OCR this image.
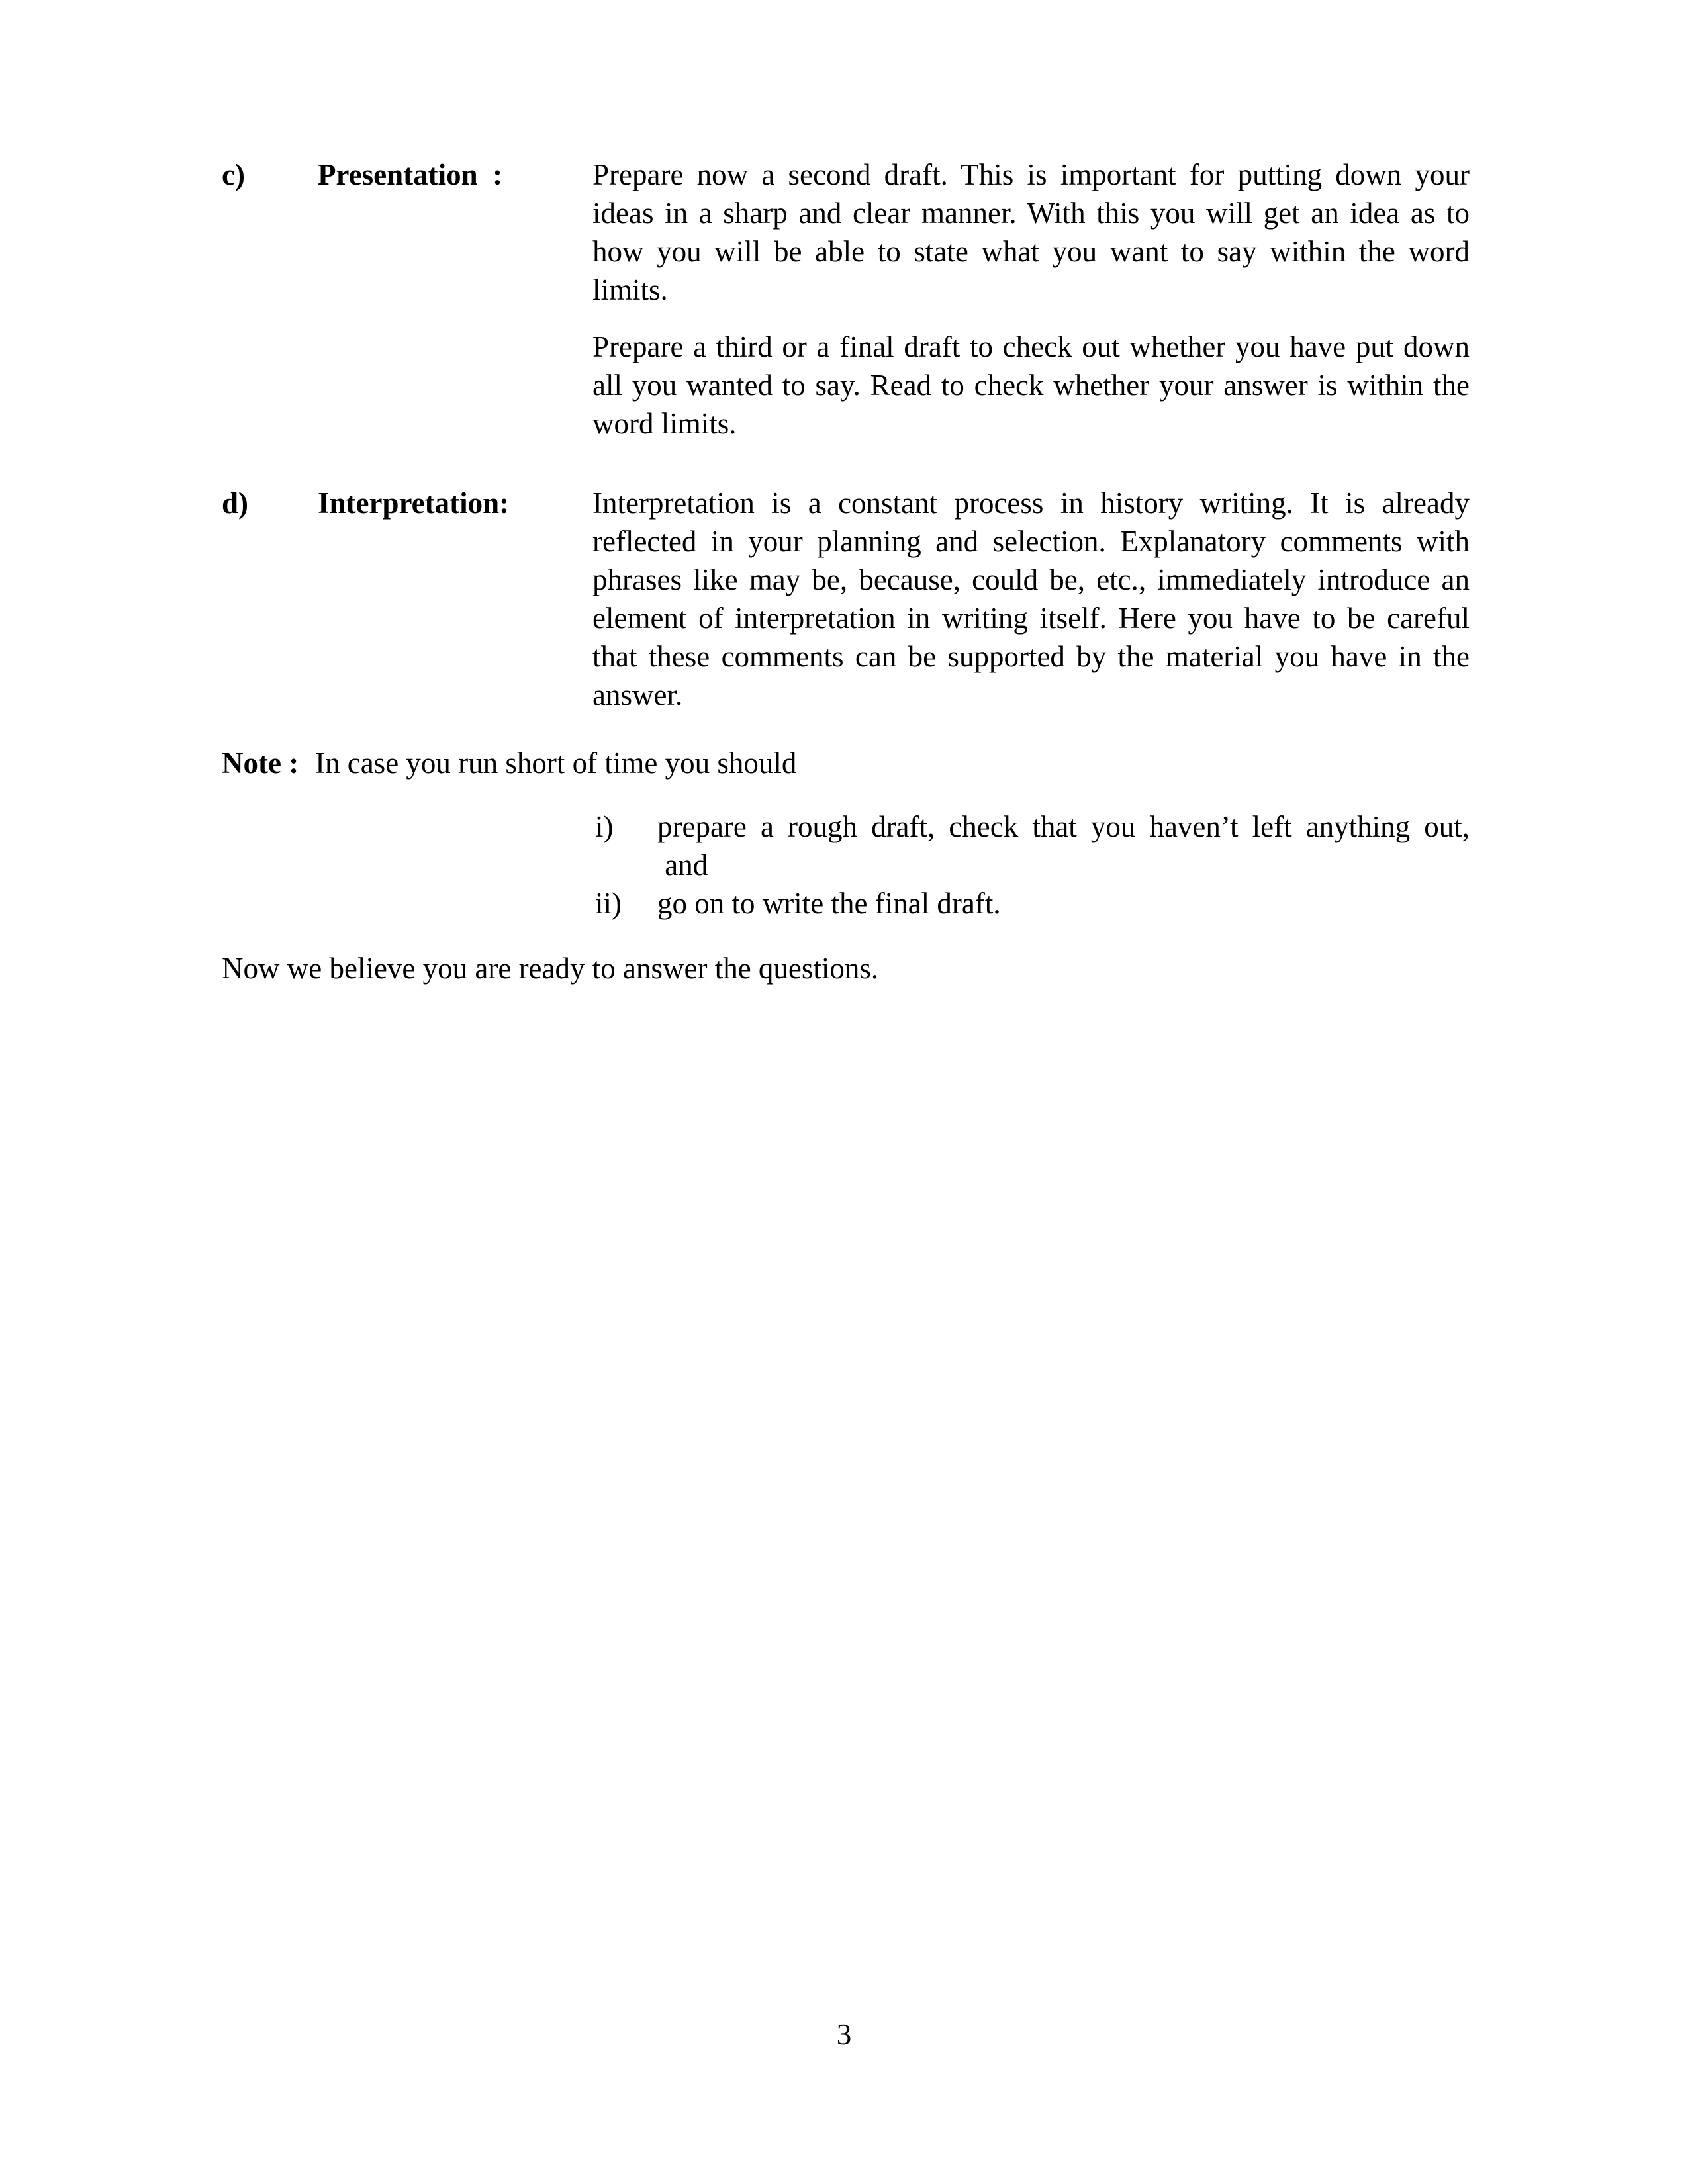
c)	Presentation  :	Prepare now a second draft. This is important for putting down your
ideas in a sharp and clear manner. With this you will get an idea as to
how you will be able to state what you want to say within the word
limits.
Prepare a third or a final draft to check out whether you have put down
all you wanted to say. Read to check whether your answer is within the
word limits.
d)	Interpretation:	Interpretation is a constant process in history writing. It is already
reflected in your planning and selection. Explanatory comments with
phrases like may be, because, could be, etc., immediately introduce an
element of interpretation in writing itself. Here you have to be careful
that these comments can be supported by the material you have in the
answer.
Note : In case you run short of time you should
i)	prepare a rough draft, check that you haven’t left anything out,
and
ii)	go on to write the final draft.
Now we believe you are ready to answer the questions.
3
